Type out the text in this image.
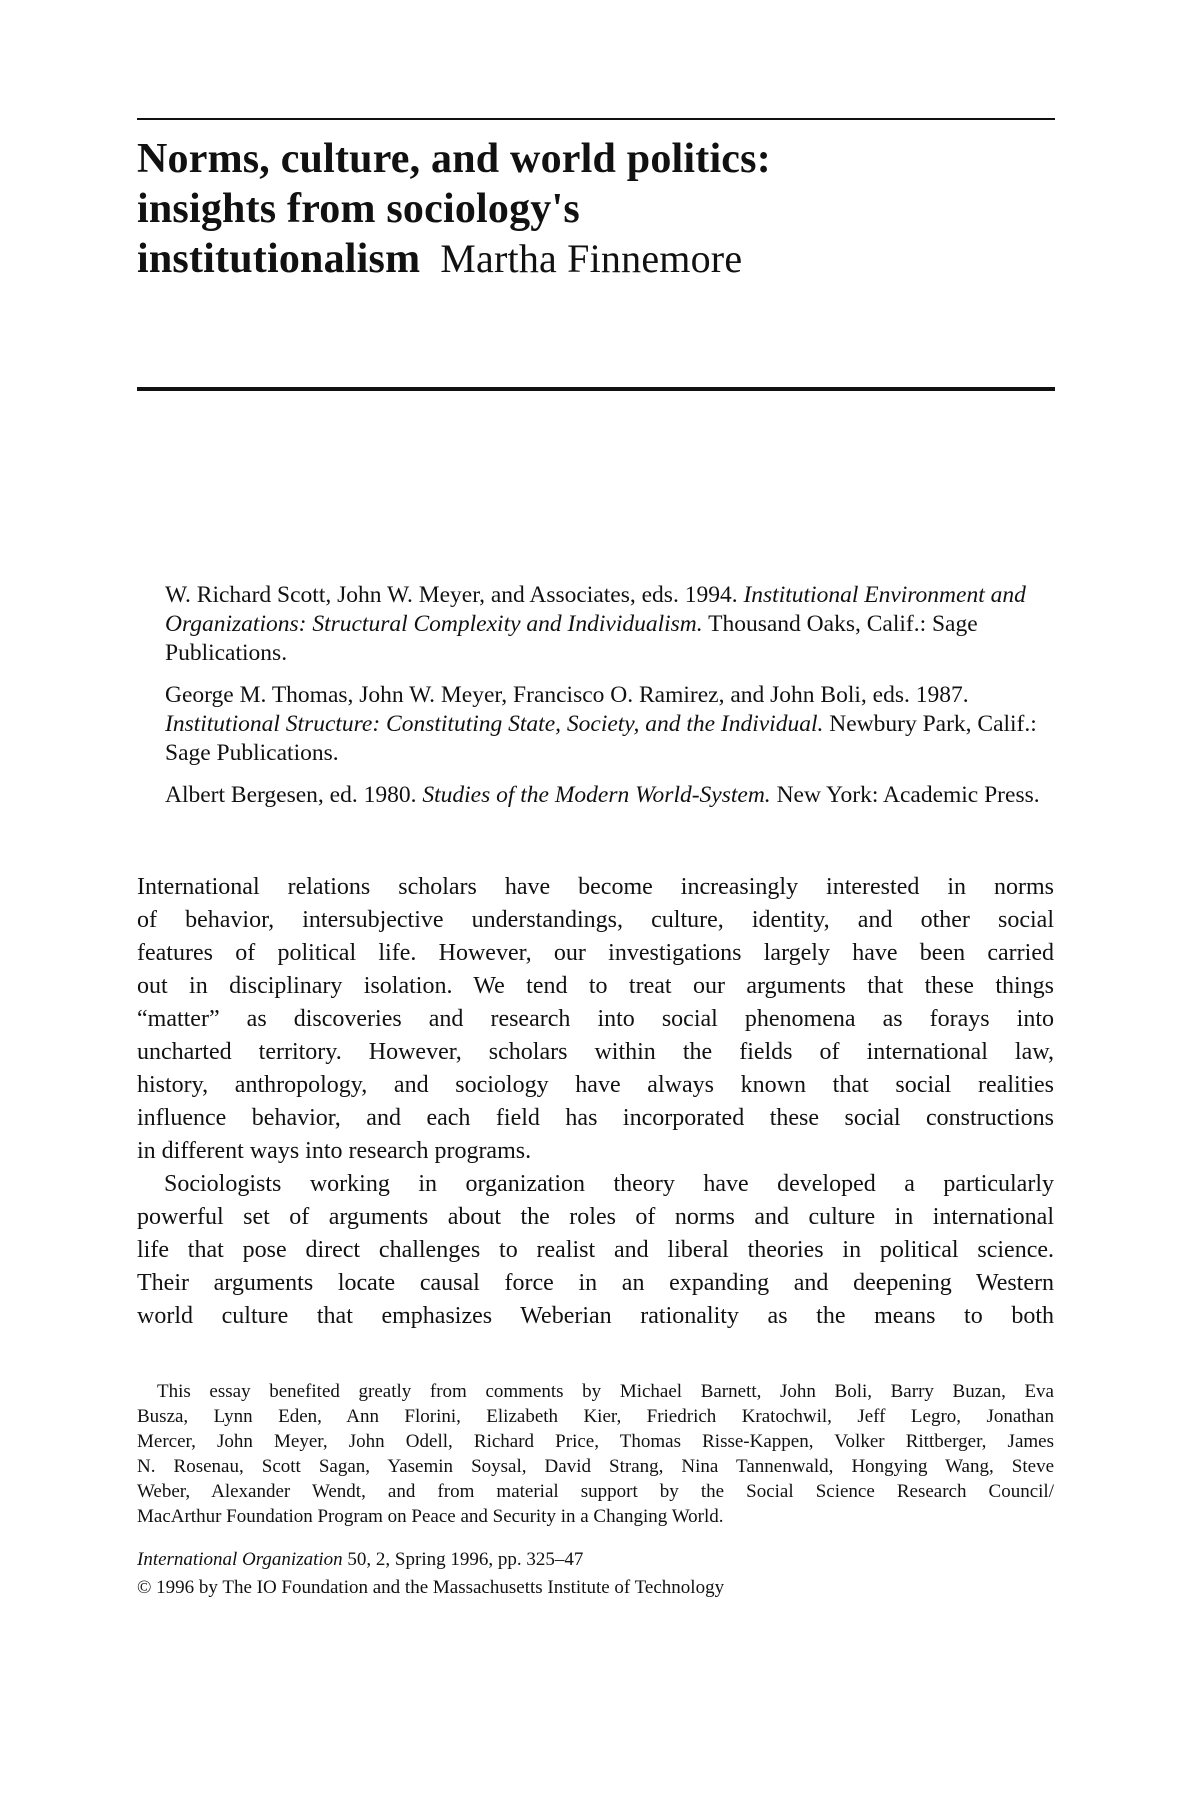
Norms, culture, and world politics:
insights from sociology's
institutionalism Martha Finnemore
W. Richard Scott, John W. Meyer, and Associates, eds. 1994. Institutional Environment and Organizations: Structural Complexity and Individualism. Thousand Oaks, Calif.: Sage Publications.
George M. Thomas, John W. Meyer, Francisco O. Ramirez, and John Boli, eds. 1987. Institutional Structure: Constituting State, Society, and the Individual. Newbury Park, Calif.: Sage Publications.
Albert Bergesen, ed. 1980. Studies of the Modern World-System. New York: Academic Press.
International relations scholars have become increasingly interested in norms
of behavior, intersubjective understandings, culture, identity, and other social
features of political life. However, our investigations largely have been carried
out in disciplinary isolation. We tend to treat our arguments that these things
“matter” as discoveries and research into social phenomena as forays into
uncharted territory. However, scholars within the fields of international law,
history, anthropology, and sociology have always known that social realities
influence behavior, and each field has incorporated these social constructions
in different ways into research programs.
Sociologists working in organization theory have developed a particularly
powerful set of arguments about the roles of norms and culture in international
life that pose direct challenges to realist and liberal theories in political science.
Their arguments locate causal force in an expanding and deepening Western
world culture that emphasizes Weberian rationality as the means to both
This essay benefited greatly from comments by Michael Barnett, John Boli, Barry Buzan, Eva
Busza, Lynn Eden, Ann Florini, Elizabeth Kier, Friedrich Kratochwil, Jeff Legro, Jonathan
Mercer, John Meyer, John Odell, Richard Price, Thomas Risse-Kappen, Volker Rittberger, James
N. Rosenau, Scott Sagan, Yasemin Soysal, David Strang, Nina Tannenwald, Hongying Wang, Steve
Weber, Alexander Wendt, and from material support by the Social Science Research Council/
MacArthur Foundation Program on Peace and Security in a Changing World.
International Organization 50, 2, Spring 1996, pp. 325–47
© 1996 by The IO Foundation and the Massachusetts Institute of Technology
